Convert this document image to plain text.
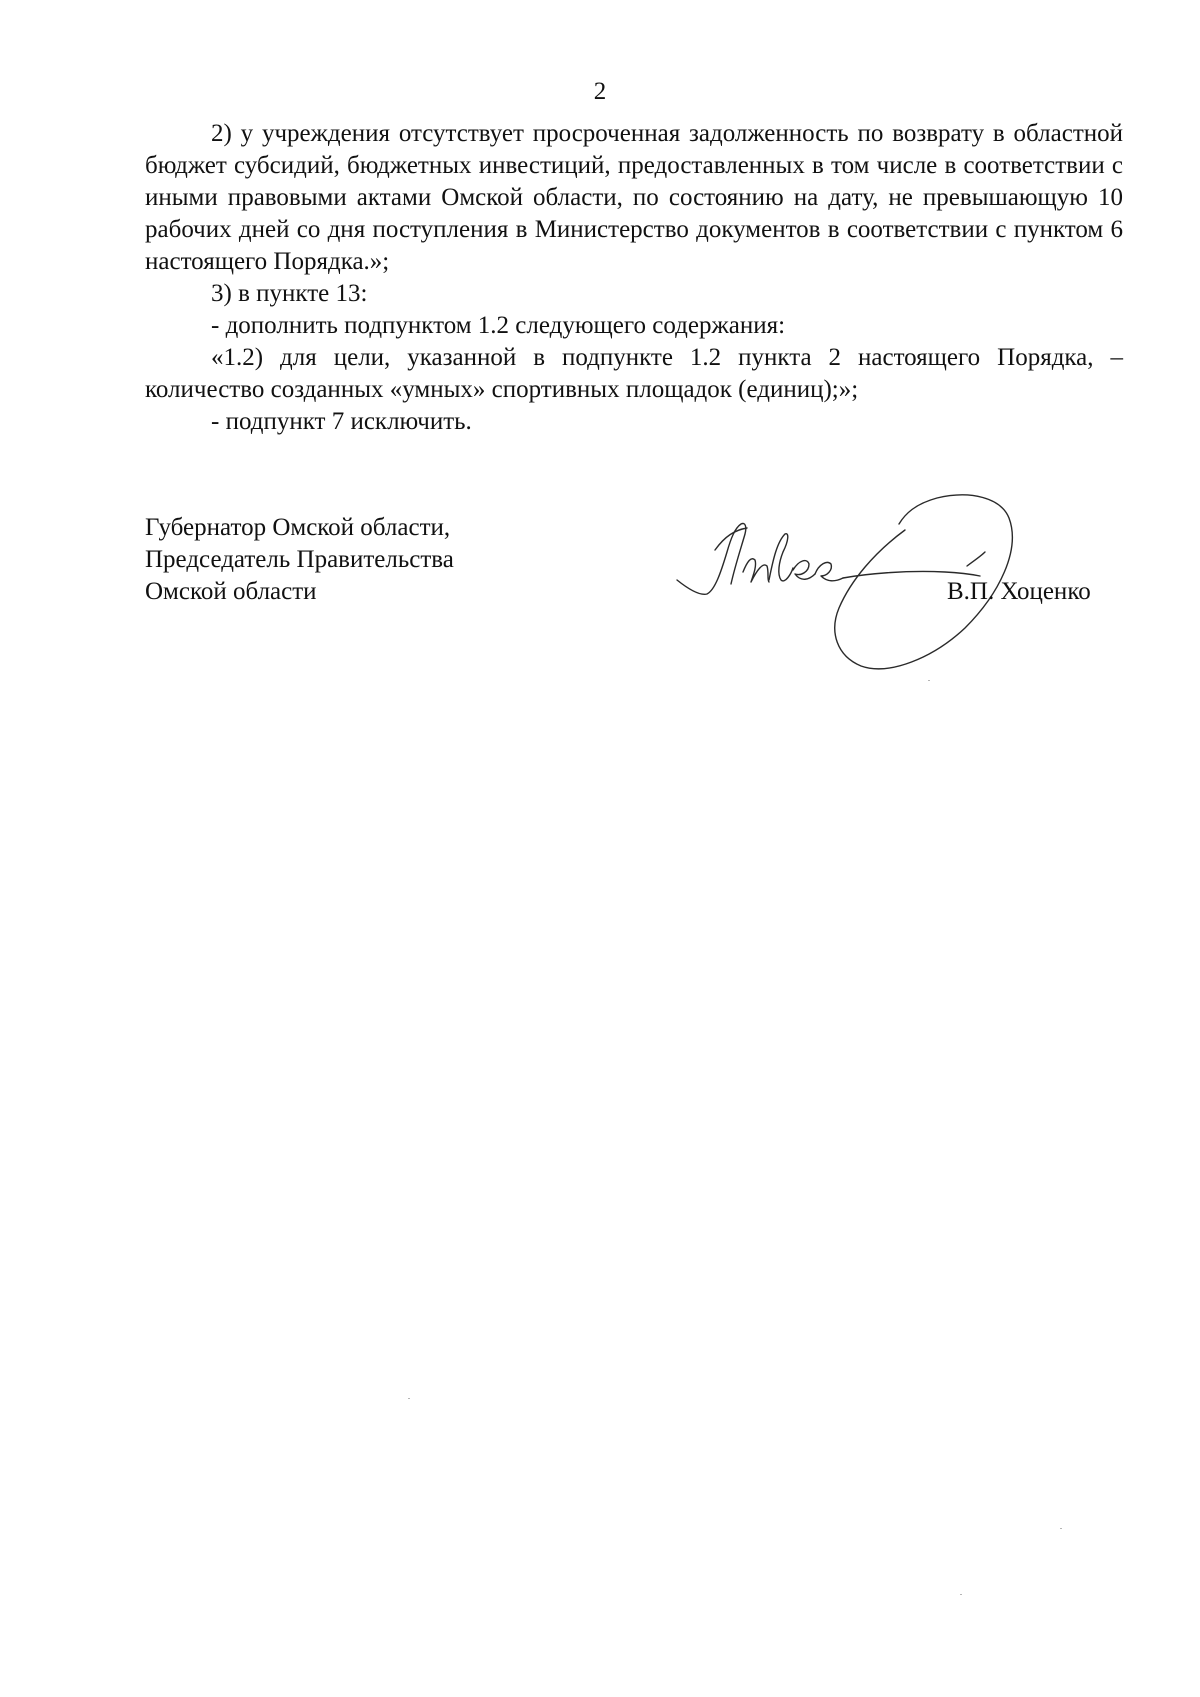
2

2) у учреждения отсутствует просроченная задолженность по возврату в областной бюджет субсидий, бюджетных инвестиций, предоставленных в том числе в соответствии с иными правовыми актами Омской области, по состоянию на дату, не превышающую 10 рабочих дней со дня поступления в Министерство документов в соответствии с пунктом 6 настоящего Порядка.»;

3) в пункте 13:

- дополнить подпунктом 1.2 следующего содержания:

«1.2) для цели, указанной в подпункте 1.2 пункта 2 настоящего Порядка, – количество созданных «умных» спортивных площадок (единиц);»;

- подпункт 7 исключить.

Губернатор Омской области,
Председатель Правительства
Омской области	В.П. Хоценко
